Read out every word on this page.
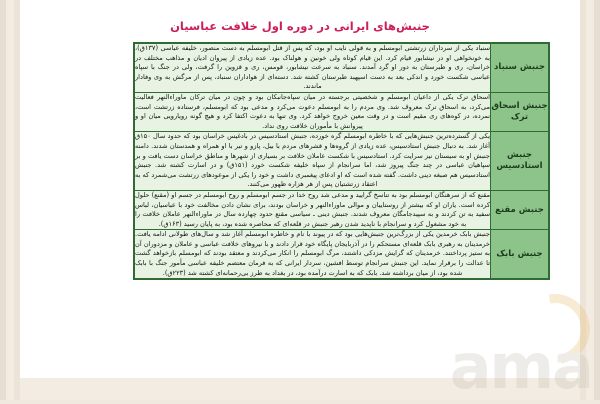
جنبش‌های ایرانی در دوره اول خلافت عباسیان
جنبش سنباد	سنباد یکی از سرداران زرتشتی ابومسلم و به قولی نایب او بود، که پس از قتل ابومسلم به دست منصور، خلیفه عباسی (۱۳۷ق)، به خونخواهی او در نیشابور قیام کرد. این قیام کوتاه ولی خونین و هولناک بود. عده زیادی از پیروان ادیان و مذاهب مختلف در خراسان، ری و طبرستان به دور او گرد آمدند. سنباد به سرعت نیشابور، قومس، ری و قزوین را گرفت، ولی در جنگ با سپاه عباسی شکست خورد و اندکی بعد به دست اسپهبد طبرستان کشته شد. دسته‌ای از هواداران سنباد، پس از مرگش به وی وفادار ماندند.
جنبش اسحاق ترک	اسحاق ترک یکی از داعیان ابومسلم و شخصیتی برجسته در میان سپاه‌جانبکان بود و چون در میان ترکان ماوراءالنهر فعالیت می‌کرد، به اسحاق ترک معروف شد. وی مردم را به ابومسلم دعوت می‌کرد و مدعی بود که ابومسلم، فرستاده زرتشت است، نمرده، در کوه‌های ری مقیم است و در وقت معین خروج خواهد کرد. وی تنها به دعوت اکتفا کرد و هیچ گونه رویارویی میان او و پیروانش با مأموران خلافت روی نداد.
جنبش استادسیس	یکی از گسترده‌ترین جنبش‌هایی که با خاطره ابومسلم گره خورده، جنبش استادسیس در بادغیس خراسان بود که حدود سال ۱۵۰ق آغاز شد. به دنبال جنبش استادسیس، عده زیادی از گروه‌ها و قشرهای مردم با بیل، پازو و تبر با او همراه و همدستان شدند. دامنه جنبش او به سیستان نیز سرایت کرد. استادسیس با شکست عاملان خلافت بر بسیاری از شهرها و مناطق خراسان دست یافت و بر سپاهیان عباسی در چند جنگ پیروز شد، اما سرانجام از سپاه خلیفه شکست خورد (۱۵۱ق) و در اسارت کشته شد. جنبش استادسیس هم صبغه دینی داشت. گفته شده است که او ادعای پیغمبری داشت و خود را یکی از موعودهای زرتشت می‌شمرد که به اعتقاد زرتشتیان پس از هر هزاره ظهور می‌کنند.
جنبش مقنع	مقنع که از سرهنگان ابومسلم بود به تناسخ گرایید و مدعی شد روح خدا در جسم ابومسلم و روح ابومسلم در جسم او (مقنع) حلول کرده است. یاران او که بیشتر از روستاییان و موالی ماوراءالنهر و خراسان بودند، برای نشان دادن مخالفت خود با عباسیان، لباس سفید به تن کردند و به سپیدجامگان معروف شدند. جنبش دینی ـ سیاسی مقنع حدود چهارده سال در ماوراءالنهر عاملان خلافت را به خود مشغول کرد و سرانجام با ناپدید شدن رهبر جنبش در قلعه‌ای که محاصره شده بود، به پایان رسید (۱۶۳ق).
جنبش بابک	جنبش بابک خرمدین یکی از بزرگ‌ترین جنبش‌هایی بود که در پیوند با نام و خاطره ابومسلم آغاز شد و سال‌های طولانی ادامه یافت. خرمدینان به رهبری بابک قلعه‌ای مستحکم را در آذربایجان پایگاه خود قرار دادند و با نیروهای خلافت عباسی و عاملان و مزدوران آن به ستیز پرداختند. خرمدینان که گرایش مزدکی داشتند، مرگ ابومسلم را انکار می‌کردند و معتقد بودند که ابومسلم بازخواهد گشت تا عدالت را برقرار نماید. این جنبش سرانجام توسط افشین، سردار ایرانی که به فرمان معتصم خلیفه عباسی مأمور جنگ با بابک شده بود، از میان برداشته شد. بابک که به اسارت درآمده بود، در بغداد به طرز بی‌رحمانه‌ای کشته شد (۲۲۳ق).
ama
